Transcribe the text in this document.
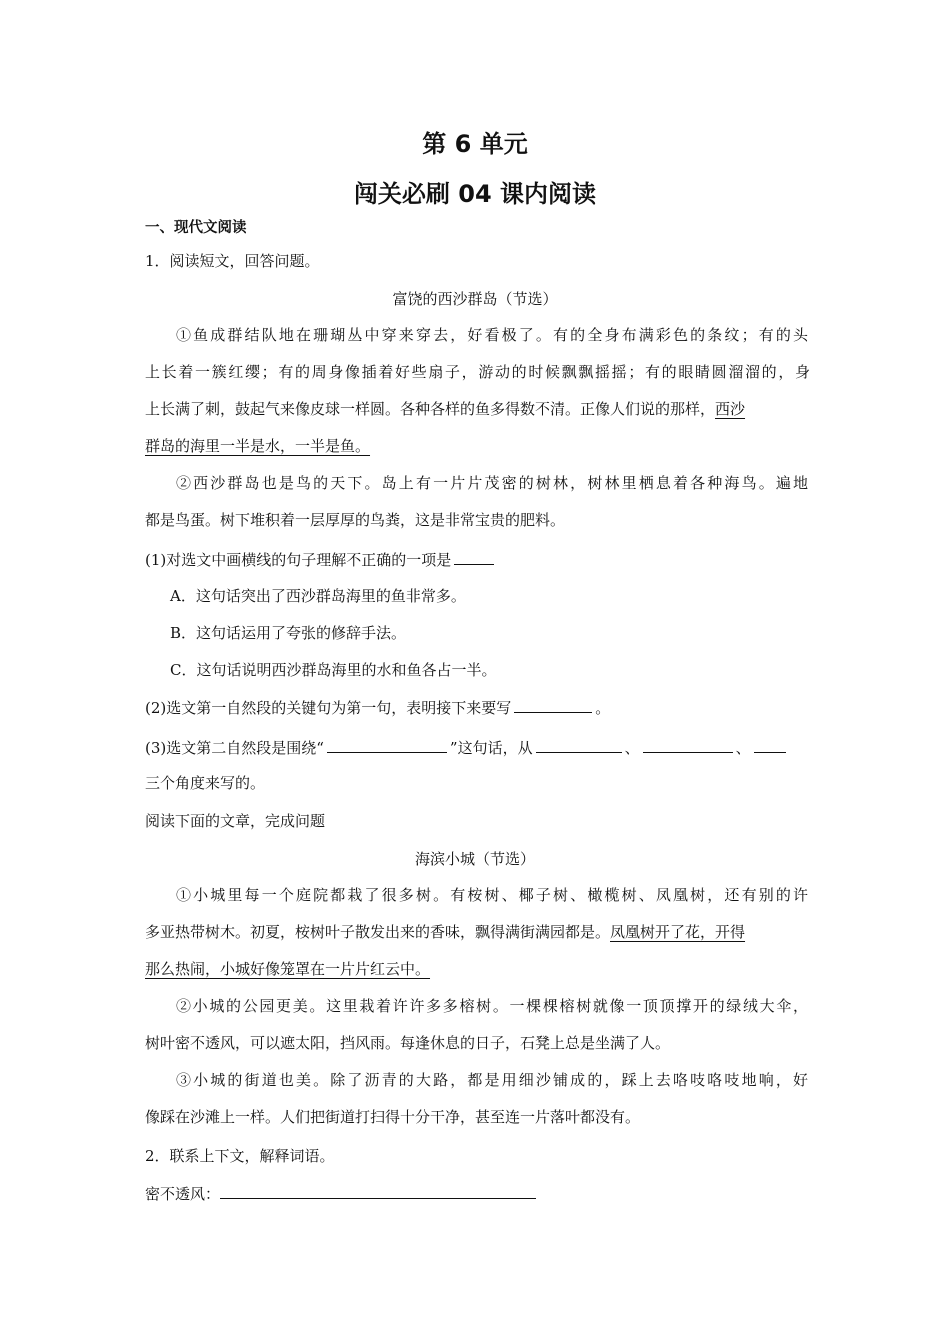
第 6 单元
闯关必刷 04 课内阅读
一、现代文阅读
1．阅读短文，回答问题。
富饶的西沙群岛（节选）
①鱼成群结队地在珊瑚丛中穿来穿去，好看极了。有的全身布满彩色的条纹；有的头
上长着一簇红缨；有的周身像插着好些扇子，游动的时候飘飘摇摇；有的眼睛圆溜溜的，身
上长满了刺，鼓起气来像皮球一样圆。各种各样的鱼多得数不清。正像人们说的那样，西沙
群岛的海里一半是水，一半是鱼。
②西沙群岛也是鸟的天下。岛上有一片片茂密的树林，树林里栖息着各种海鸟。遍地
都是鸟蛋。树下堆积着一层厚厚的鸟粪，这是非常宝贵的肥料。
(1)对选文中画横线的句子理解不正确的一项是
A．这句话突出了西沙群岛海里的鱼非常多。
B．这句话运用了夸张的修辞手法。
C．这句话说明西沙群岛海里的水和鱼各占一半。
(2)选文第一自然段的关键句为第一句，表明接下来要写	。
(3)选文第二自然段是围绕“	”这句话，从	、	、
三个角度来写的。
阅读下面的文章，完成问题
海滨小城（节选）
①小城里每一个庭院都栽了很多树。有桉树、椰子树、橄榄树、凤凰树，还有别的许
多亚热带树木。初夏，桉树叶子散发出来的香味，飘得满街满园都是。凤凰树开了花，开得
那么热闹，小城好像笼罩在一片片红云中。
②小城的公园更美。这里栽着许许多多榕树。一棵棵榕树就像一顶顶撑开的绿绒大伞，
树叶密不透风，可以遮太阳，挡风雨。每逢休息的日子，石凳上总是坐满了人。
③小城的街道也美。除了沥青的大路，都是用细沙铺成的，踩上去咯吱咯吱地响，好
像踩在沙滩上一样。人们把街道打扫得十分干净，甚至连一片落叶都没有。
2．联系上下文，解释词语。
密不透风：
